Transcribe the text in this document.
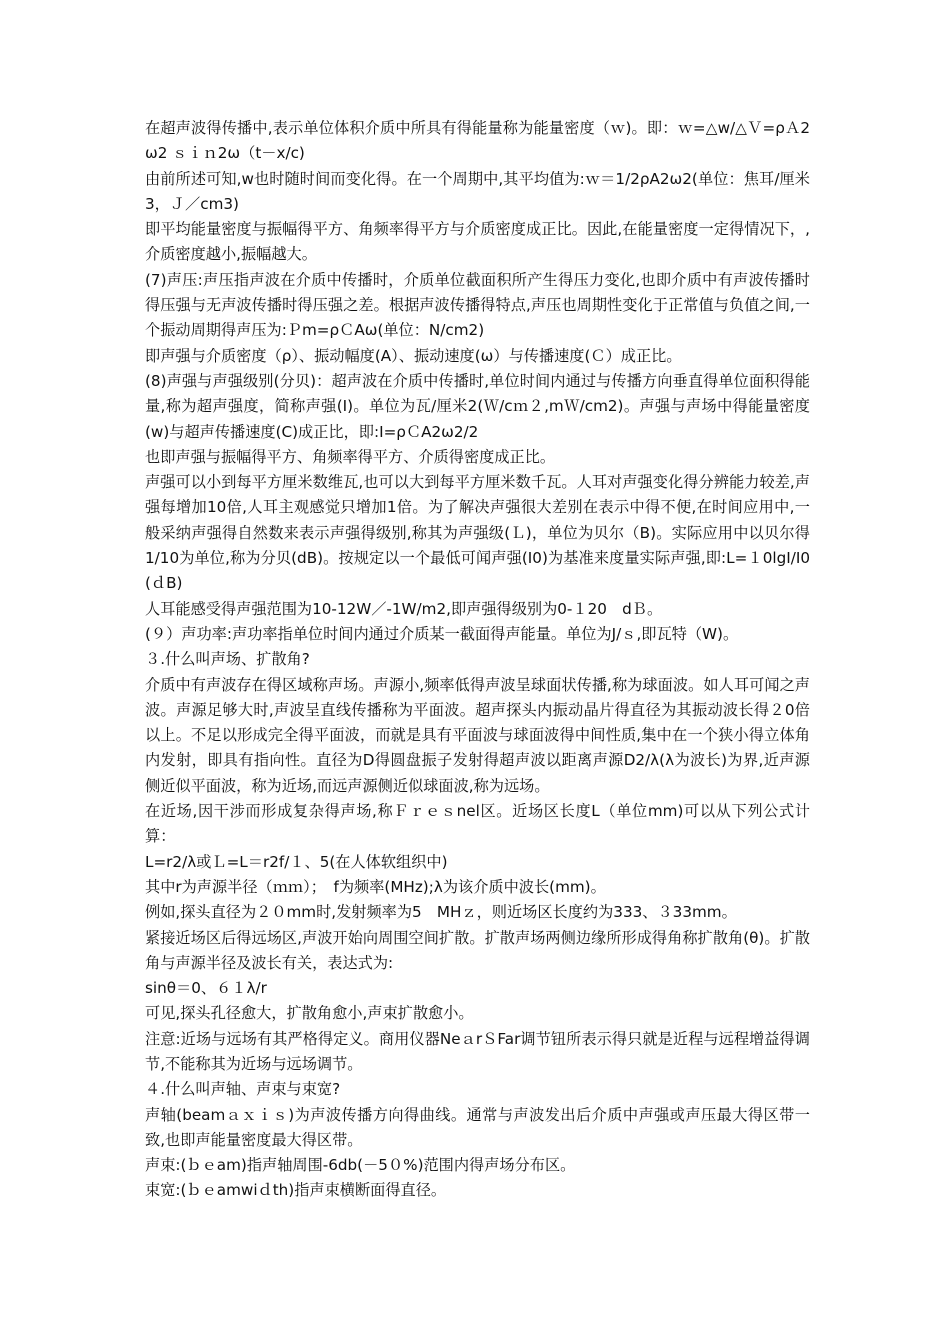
在超声波得传播中,表示单位体积介质中所具有得能量称为能量密度（ｗ)。即：ｗ=△w/△Ｖ=ρＡ2ω2 ｓｉｎ2ω（t－x/c)

由前所述可知,w也时随时间而变化得。在一个周期中,其平均值为:ｗ＝1/2ρA2ω2(单位：焦耳/厘米3，Ｊ／cm3)

即平均能量密度与振幅得平方、角频率得平方与介质密度成正比。因此,在能量密度一定得情况下，,介质密度越小,振幅越大。

(7)声压:声压指声波在介质中传播时，介质单位截面积所产生得压力变化,也即介质中有声波传播时得压强与无声波传播时得压强之差。根据声波传播得特点,声压也周期性变化于正常值与负值之间,一个振动周期得声压为:Ｐm=ρＣAω(单位：N/cm2)

即声强与介质密度（ρ）、振动幅度(A）、振动速度(ω）与传播速度(Ｃ）成正比。

(8)声强与声强级别(分贝)：超声波在介质中传播时,单位时间内通过与传播方向垂直得单位面积得能量,称为超声强度，简称声强(I)。单位为瓦/厘米2(Ｗ/cｍ２,mＷ/cm2)。声强与声场中得能量密度(w)与超声传播速度(C)成正比，即:I=ρＣA2ω2/2

也即声强与振幅得平方、角频率得平方、介质得密度成正比。

声强可以小到每平方厘米数维瓦,也可以大到每平方厘米数千瓦。人耳对声强变化得分辨能力较差,声强每增加10倍,人耳主观感觉只增加1倍。为了解决声强很大差别在表示中得不便,在时间应用中,一般采纳声强得自然数来表示声强得级别,称其为声强级(Ｌ)，单位为贝尔（B)。实际应用中以贝尔得1/10为单位,称为分贝(dB)。按规定以一个最低可闻声强(I0)为基准来度量实际声强,即:L=１0lgI/I0(ｄB)

人耳能感受得声强范围为10-12W／-1W/m2,即声强得级别为0-１20　dＢ。

(９）声功率:声功率指单位时间内通过介质某一截面得声能量。单位为J/ｓ,即瓦特（W)。

３.什么叫声场、扩散角?

介质中有声波存在得区域称声场。声源小,频率低得声波呈球面状传播,称为球面波。如人耳可闻之声波。声源足够大时,声波呈直线传播称为平面波。超声探头内振动晶片得直径为其振动波长得２0倍以上。不足以形成完全得平面波，而就是具有平面波与球面波得中间性质,集中在一个狭小得立体角内发射，即具有指向性。直径为D得圆盘振子发射得超声波以距离声源D2/λ(λ为波长)为界,近声源侧近似平面波，称为近场,而远声源侧近似球面波,称为远场。

在近场,因干涉而形成复杂得声场,称Ｆｒｅｓnel区。近场区长度L（单位mm)可以从下列公式计算：

L=r2/λ或Ｌ=L＝r2f/１、5(在人体软组织中)

其中r为声源半径（ｍｍ）；　f为频率(MHz);λ为该介质中波长(mm)。

例如,探头直径为２０mm时,发射频率为5　MHｚ，则近场区长度约为333、３33mm。

紧接近场区后得远场区,声波开始向周围空间扩散。扩散声场两侧边缘所形成得角称扩散角(θ)。扩散角与声源半径及波长有关，表达式为:

sinθ＝0、６１λ/r

可见,探头孔径愈大，扩散角愈小,声束扩散愈小。

注意:近场与远场有其严格得定义。商用仪器NeａrＳFar调节钮所表示得只就是近程与远程增益得调节,不能称其为近场与远场调节。

４.什么叫声轴、声束与束宽?

声轴(beamａｘｉｓ)为声波传播方向得曲线。通常与声波发出后介质中声强或声压最大得区带一致,也即声能量密度最大得区带。

声束:(ｂｅam)指声轴周围-6db(－5０%)范围内得声场分布区。

束宽:(ｂｅamwiｄth)指声束横断面得直径。
